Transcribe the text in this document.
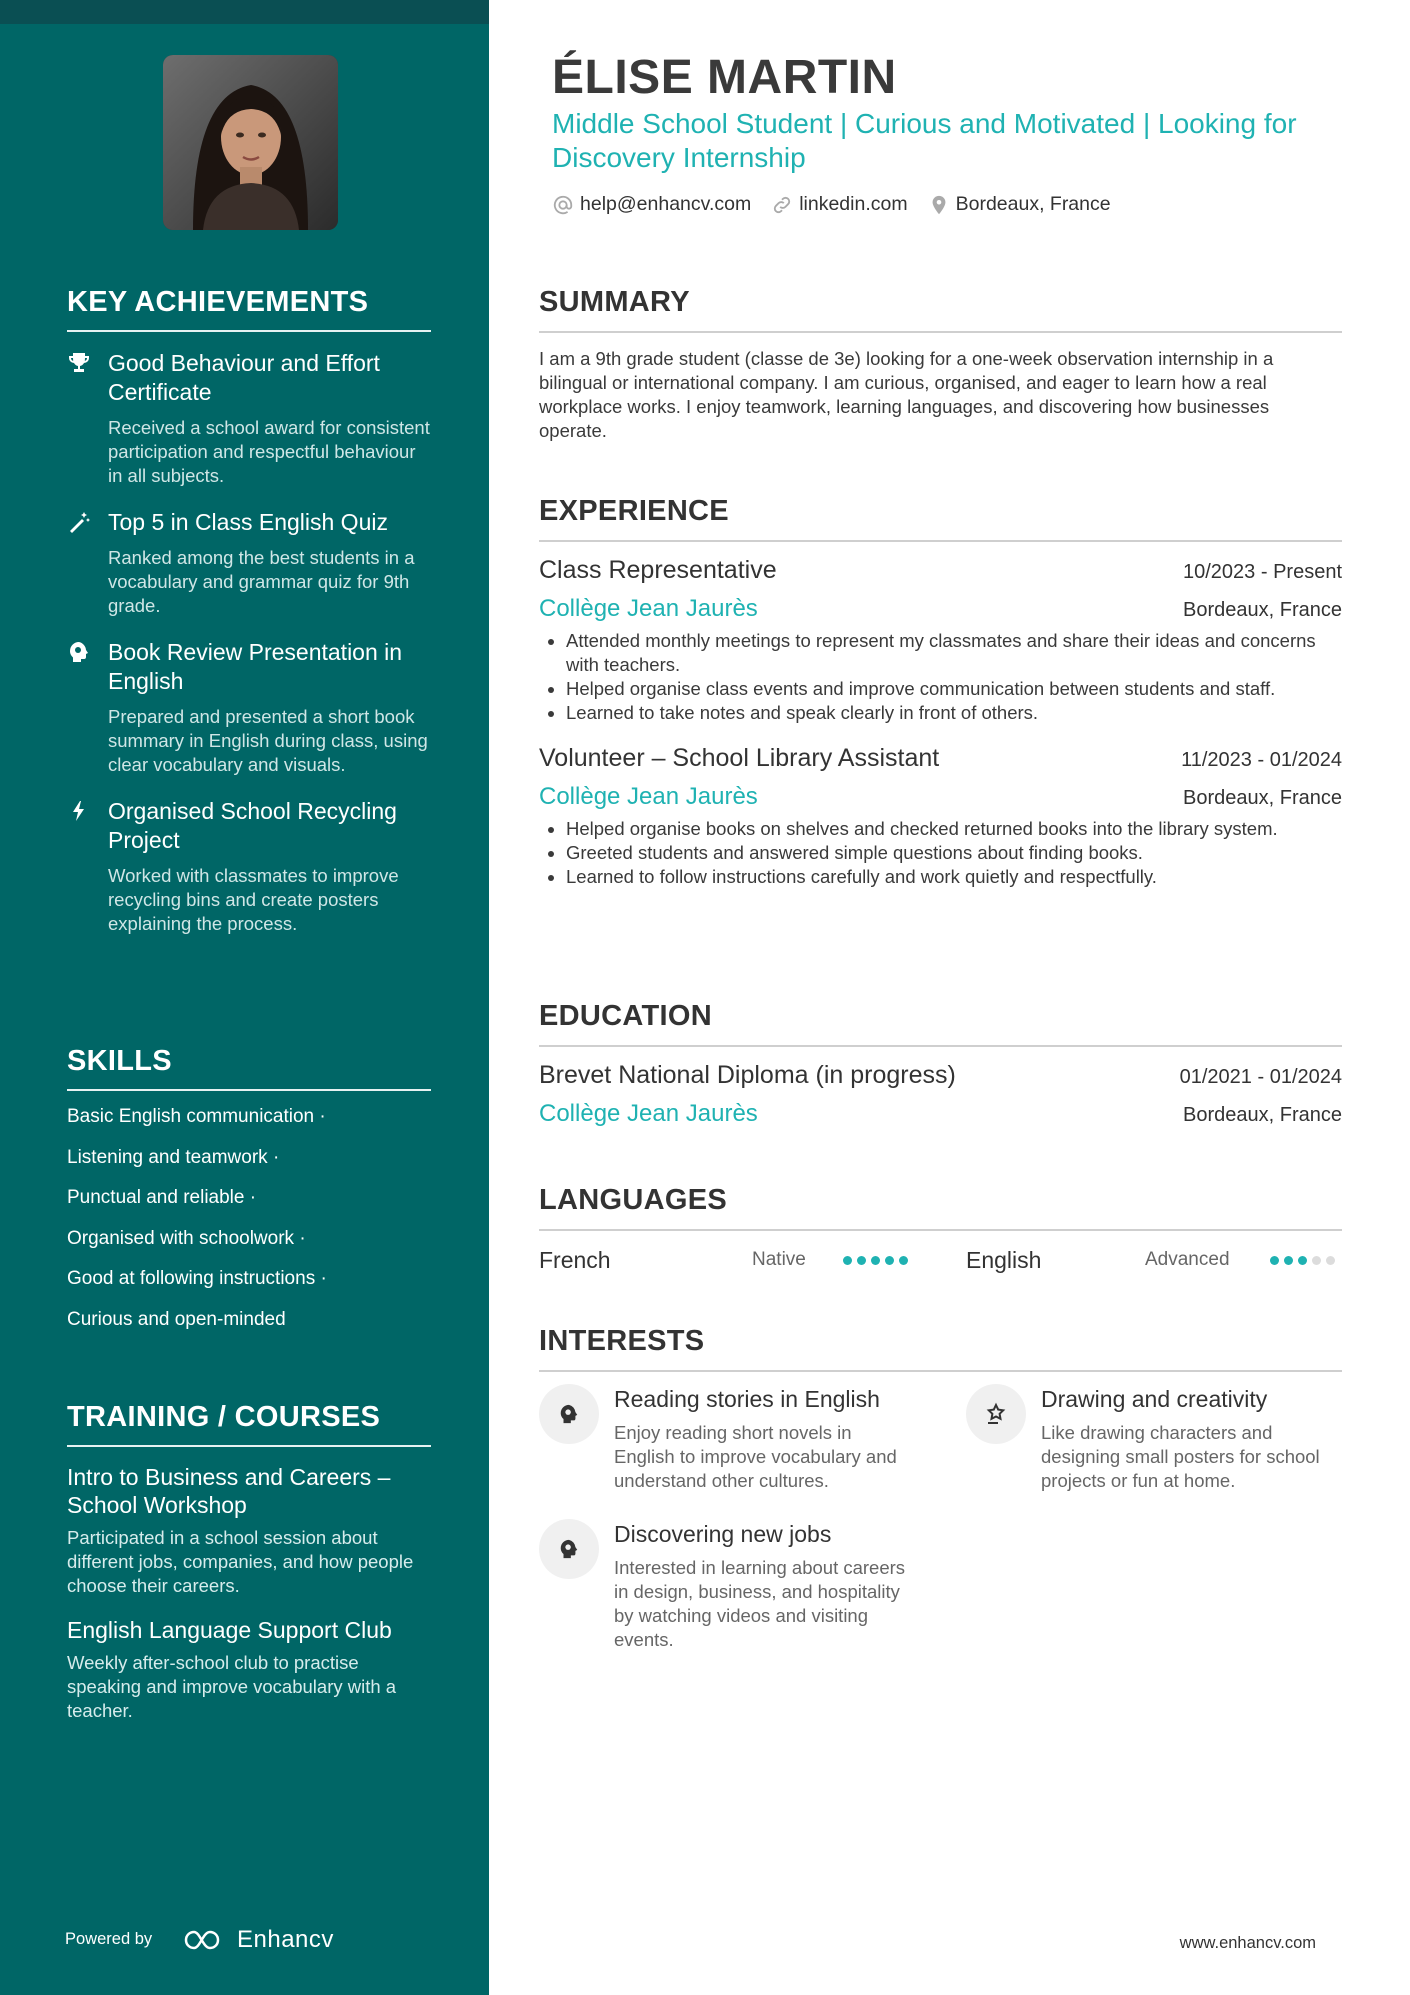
KEY ACHIEVEMENTS
Good Behaviour and Effort Certificate
Received a school award for consistent participation and respectful behaviour in all subjects.
Top 5 in Class English Quiz
Ranked among the best students in a vocabulary and grammar quiz for 9th grade.
Book Review Presentation in English
Prepared and presented a short book summary in English during class, using clear vocabulary and visuals.
Organised School Recycling Project
Worked with classmates to improve recycling bins and create posters explaining the process.
SKILLS
Basic English communication ·
Listening and teamwork ·
Punctual and reliable ·
Organised with schoolwork ·
Good at following instructions ·
Curious and open-minded
TRAINING / COURSES
Intro to Business and Careers – School Workshop
Participated in a school session about different jobs, companies, and how people choose their careers.
English Language Support Club
Weekly after-school club to practise speaking and improve vocabulary with a teacher.
Powered by	Enhancv
ÉLISE MARTIN
Middle School Student | Curious and Motivated | Looking for Discovery Internship
help@enhancv.com linkedin.com Bordeaux, France
SUMMARY

I am a 9th grade student (classe de 3e) looking for a one-week observation internship in a bilingual or international company. I am curious, organised, and eager to learn how a real workplace works. I enjoy teamwork, learning languages, and discovering how businesses operate.

EXPERIENCE
Class Representative	10/2023 - Present
Collège Jean Jaurès	Bordeaux, France
• Attended monthly meetings to represent my classmates and share their ideas and concerns with teachers.
• Helped organise class events and improve communication between students and staff.
• Learned to take notes and speak clearly in front of others.
Volunteer – School Library Assistant	11/2023 - 01/2024
Collège Jean Jaurès	Bordeaux, France
• Helped organise books on shelves and checked returned books into the library system.
• Greeted students and answered simple questions about finding books.
• Learned to follow instructions carefully and work quietly and respectfully.
EDUCATION
Brevet National Diploma (in progress)	01/2021 - 01/2024
Collège Jean Jaurès	Bordeaux, France
LANGUAGES
French	Native	English	Advanced
INTERESTS
Reading stories in English
Enjoy reading short novels in English to improve vocabulary and understand other cultures.
Drawing and creativity
Like drawing characters and designing small posters for school projects or fun at home.
Discovering new jobs
Interested in learning about careers in design, business, and hospitality by watching videos and visiting events.
www.enhancv.com
